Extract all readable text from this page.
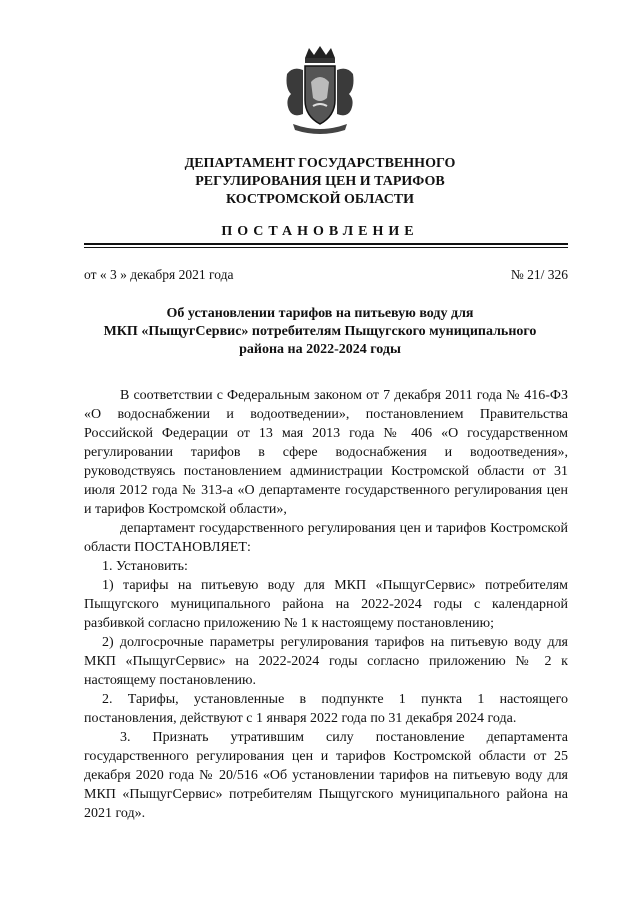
ДЕПАРТАМЕНТ ГОСУДАРСТВЕННОГО
РЕГУЛИРОВАНИЯ ЦЕН И ТАРИФОВ
КОСТРОМСКОЙ ОБЛАСТИ
ПОСТАНОВЛЕНИЕ
от « 3 » декабря 2021 года	№ 21/ 326
Об установлении тарифов на питьевую воду для
МКП «ПыщугСервис» потребителям Пыщугского муниципального
района на 2022-2024 годы

В соответствии с Федеральным законом от 7 декабря 2011 года № 416-ФЗ «О водоснабжении и водоотведении», постановлением Правительства Российской Федерации от 13 мая 2013 года № 406 «О государственном регулировании тарифов в сфере водоснабжения и водоотведения», руководствуясь постановлением администрации Костромской области от 31 июля 2012 года № 313-а «О департаменте государственного регулирования цен и тарифов Костромской области»,

департамент государственного регулирования цен и тарифов Костромской области ПОСТАНОВЛЯЕТ:

1. Установить:

1) тарифы на питьевую воду для МКП «ПыщугСервис» потребителям Пыщугского муниципального района на 2022-2024 годы с календарной разбивкой согласно приложению № 1 к настоящему постановлению;

2) долгосрочные параметры регулирования тарифов на питьевую воду для МКП «ПыщугСервис» на 2022-2024 годы согласно приложению № 2 к настоящему постановлению.

2. Тарифы, установленные в подпункте 1 пункта 1 настоящего постановления, действуют с 1 января 2022 года по 31 декабря 2024 года.

3. Признать утратившим силу постановление департамента государственного регулирования цен и тарифов Костромской области от 25 декабря 2020 года № 20/516 «Об установлении тарифов на питьевую воду для МКП «ПыщугСервис» потребителям Пыщугского муниципального района на 2021 год».
